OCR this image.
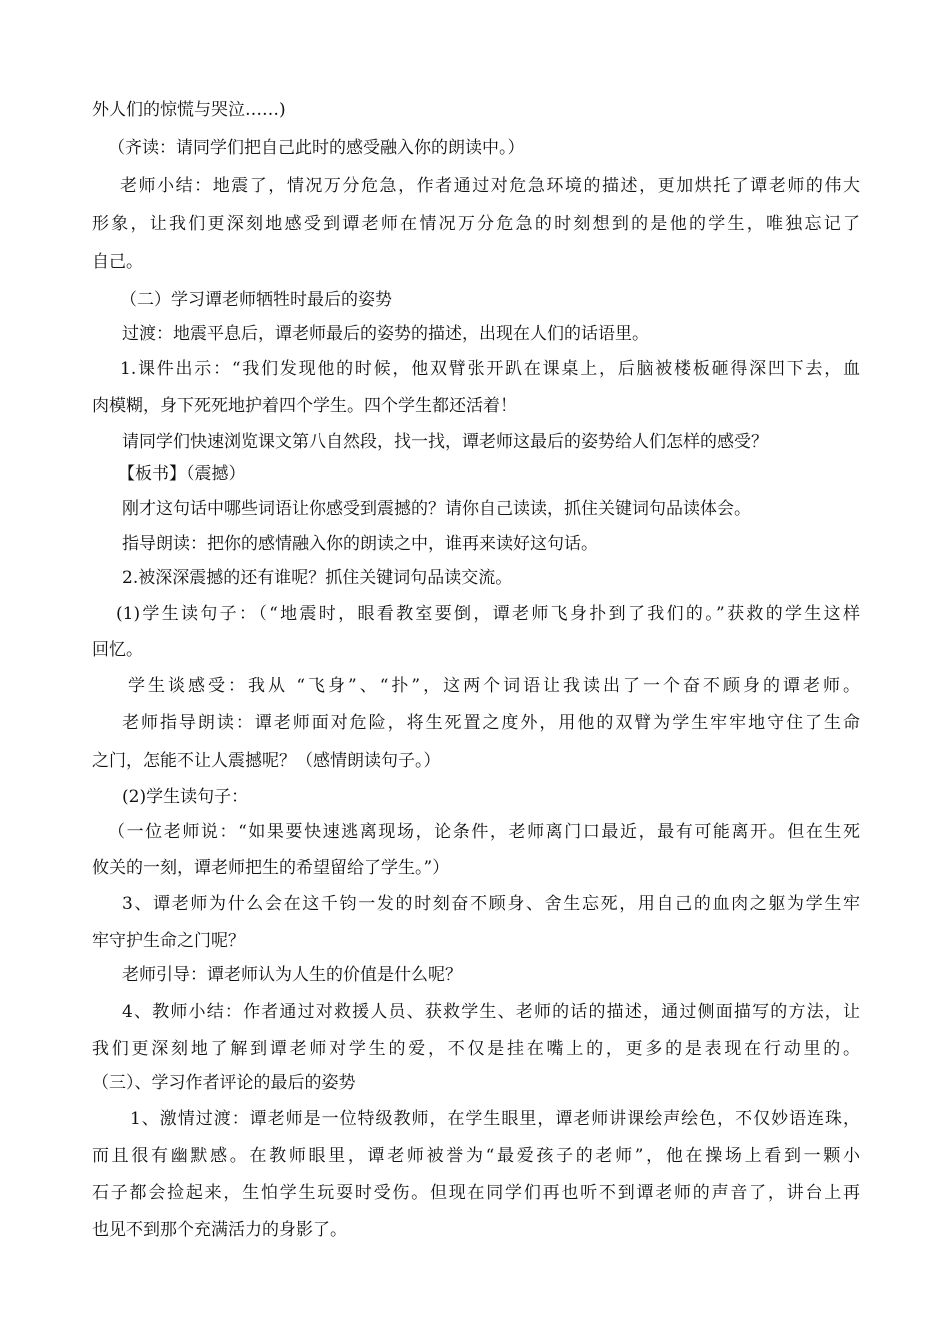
外人们的惊慌与哭泣……)
（齐读：请同学们把自己此时的感受融入你的朗读中。）
老师小结：地震了，情况万分危急，作者通过对危急环境的描述，更加烘托了谭老师的伟大
形象，让我们更深刻地感受到谭老师在情况万分危急的时刻想到的是他的学生，唯独忘记了
自己。
（二）学习谭老师牺牲时最后的姿势
过渡：地震平息后，谭老师最后的姿势的描述，出现在人们的话语里。
1.课件出示：“我们发现他的时候，他双臂张开趴在课桌上，后脑被楼板砸得深凹下去，血
肉模糊，身下死死地护着四个学生。四个学生都还活着！
请同学们快速浏览课文第八自然段，找一找，谭老师这最后的姿势给人们怎样的感受？
【板书】（震撼）
刚才这句话中哪些词语让你感受到震撼的？请你自己读读，抓住关键词句品读体会。
指导朗读：把你的感情融入你的朗读之中，谁再来读好这句话。
2.被深深震撼的还有谁呢？抓住关键词句品读交流。
(1)学生读句子：（“地震时，眼看教室要倒，谭老师飞身扑到了我们的。”获救的学生这样
回忆。
学生谈感受：我从 “飞身”、“扑”，这两个词语让我读出了一个奋不顾身的谭老师。
老师指导朗读：谭老师面对危险，将生死置之度外，用他的双臂为学生牢牢地守住了生命
之门，怎能不让人震撼呢？（感情朗读句子。）
(2)学生读句子：
（一位老师说：“如果要快速逃离现场，论条件，老师离门口最近，最有可能离开。但在生死
攸关的一刻，谭老师把生的希望留给了学生。”）
3、谭老师为什么会在这千钧一发的时刻奋不顾身、舍生忘死，用自己的血肉之躯为学生牢
牢守护生命之门呢？
老师引导：谭老师认为人生的价值是什么呢？
4、教师小结：作者通过对救援人员、获救学生、老师的话的描述，通过侧面描写的方法，让
我们更深刻地了解到谭老师对学生的爱，不仅是挂在嘴上的，更多的是表现在行动里的。
（三）、学习作者评论的最后的姿势
1、激情过渡：谭老师是一位特级教师，在学生眼里，谭老师讲课绘声绘色，不仅妙语连珠，
而且很有幽默感。在教师眼里，谭老师被誉为“最爱孩子的老师”，他在操场上看到一颗小
石子都会捡起来，生怕学生玩耍时受伤。但现在同学们再也听不到谭老师的声音了，讲台上再
也见不到那个充满活力的身影了。
